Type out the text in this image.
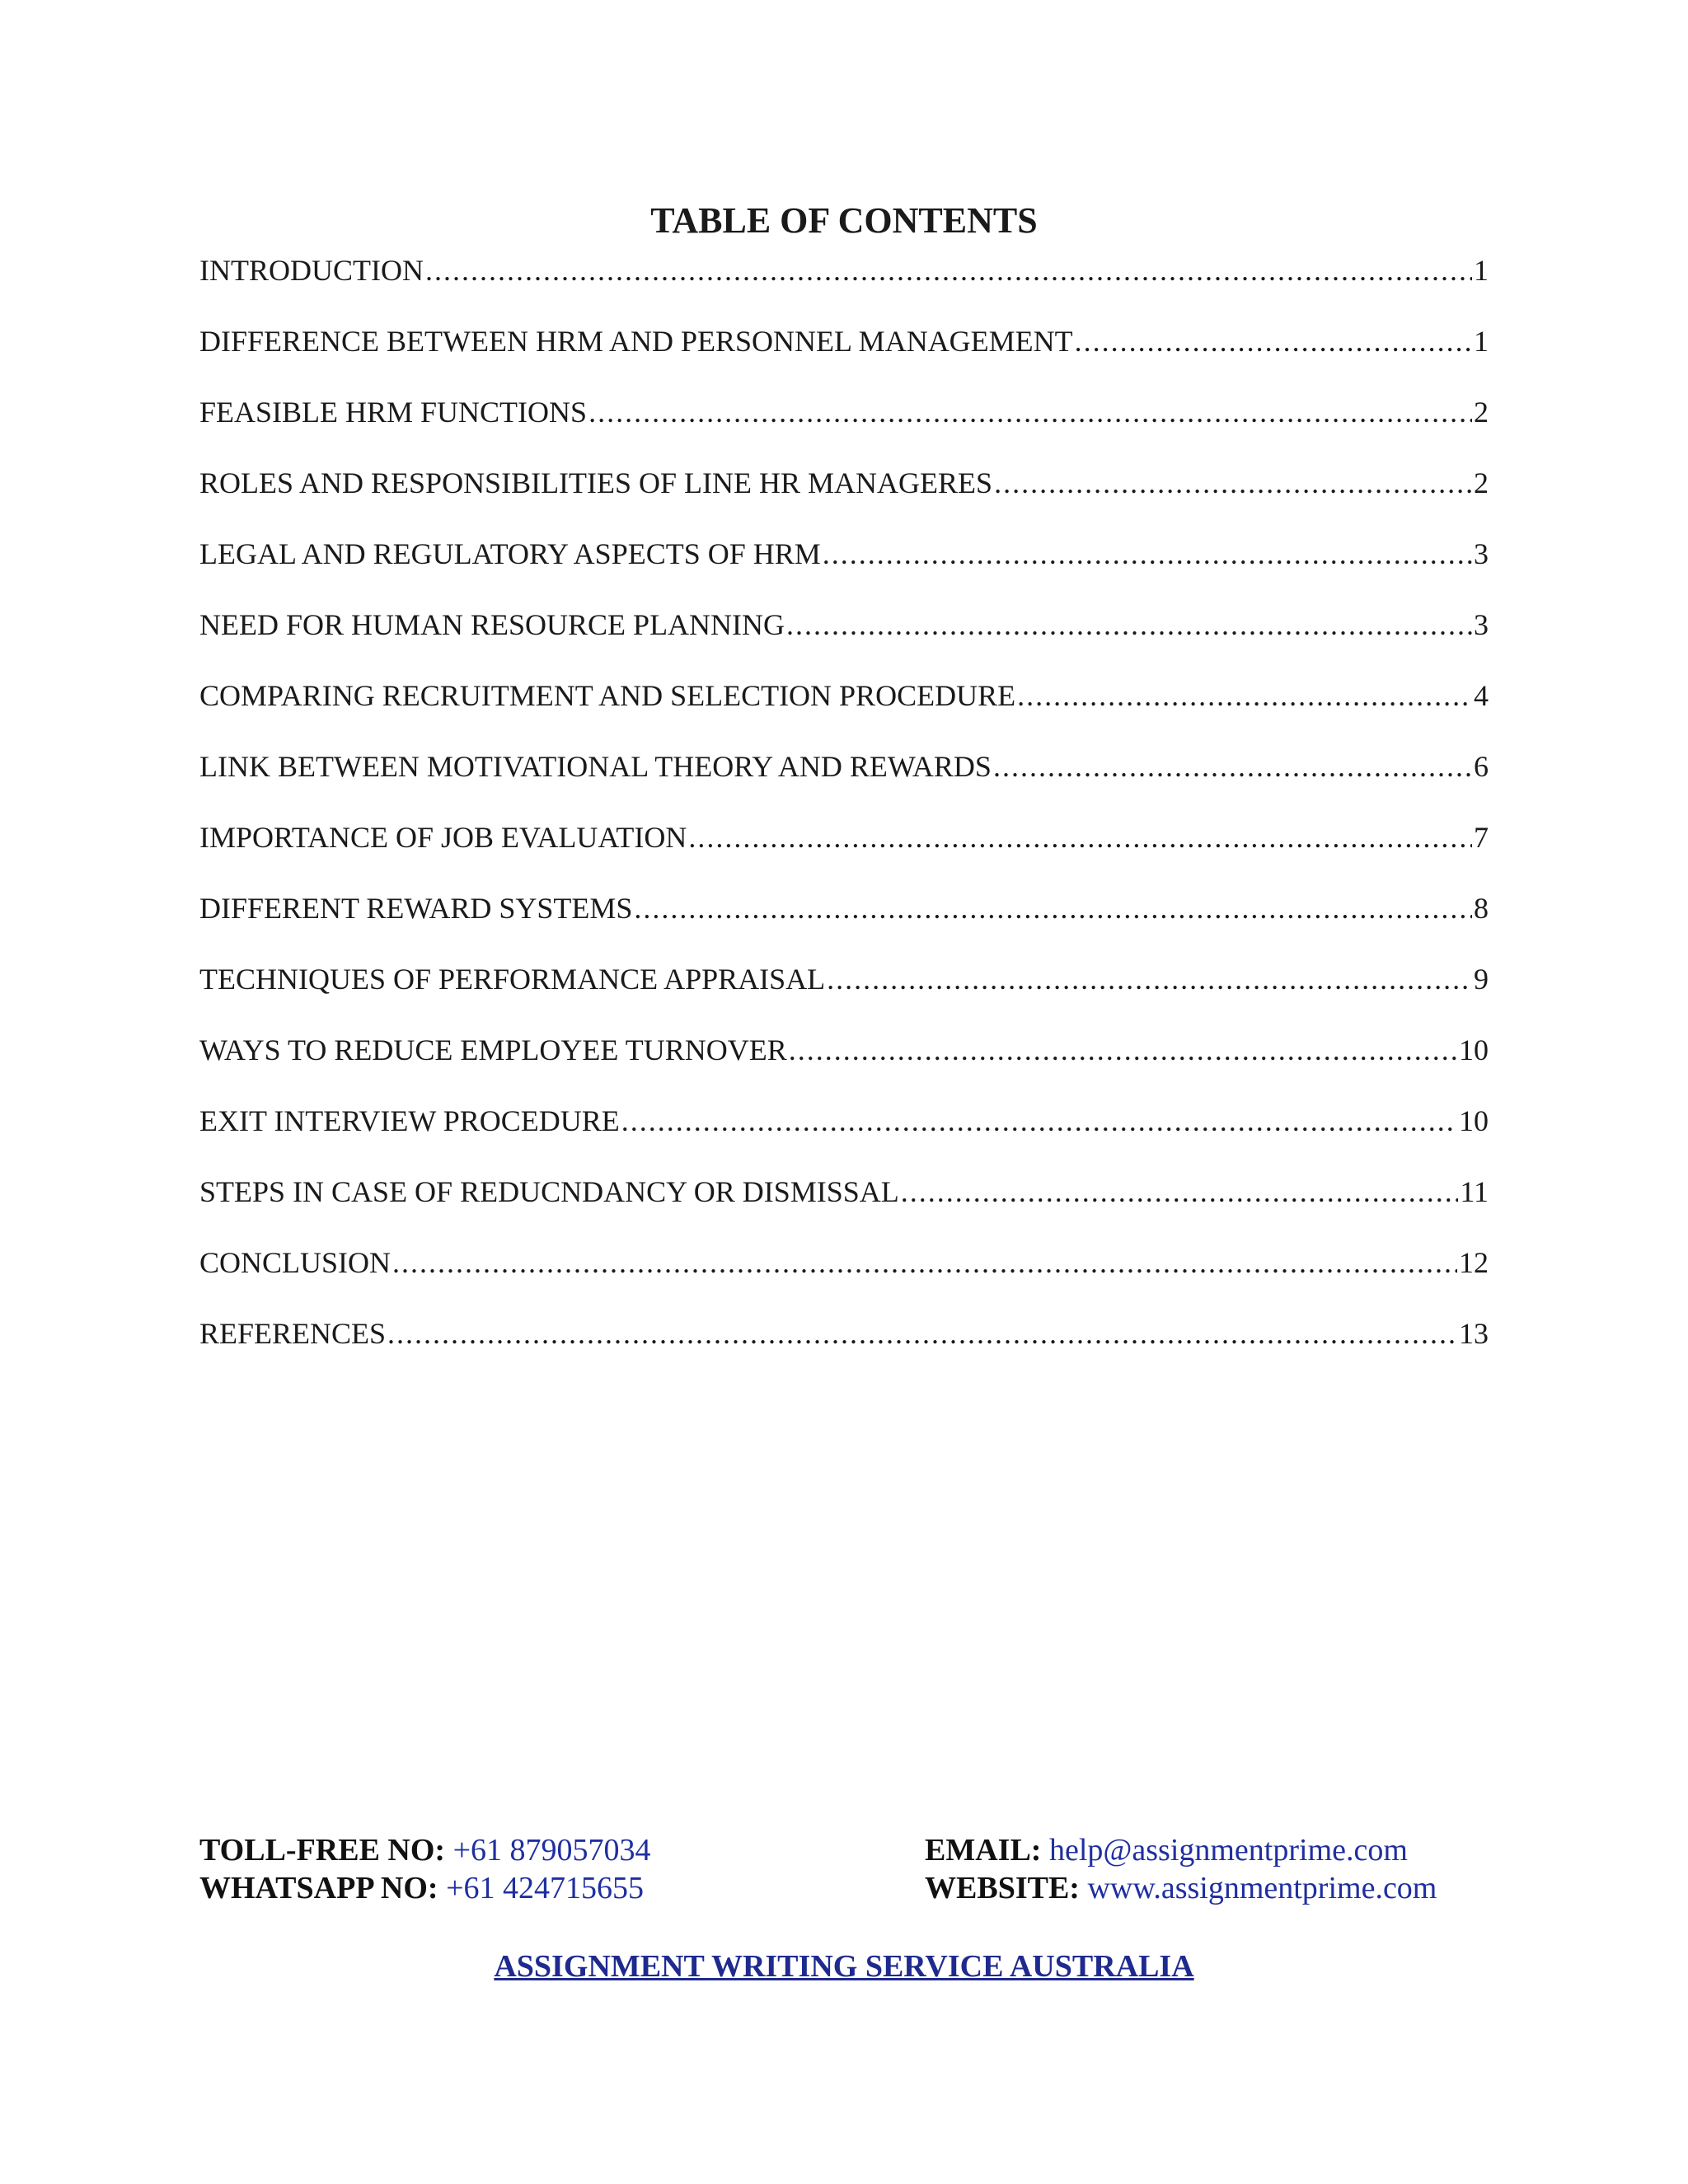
TABLE OF CONTENTS
INTRODUCTION .....	1
DIFFERENCE BETWEEN HRM AND PERSONNEL MANAGEMENT .....	1
FEASIBLE HRM FUNCTIONS .....	2
ROLES AND RESPONSIBILITIES OF LINE HR MANAGERES .....	2
LEGAL AND REGULATORY ASPECTS OF HRM .....	3
NEED FOR HUMAN RESOURCE PLANNING .....	3
COMPARING RECRUITMENT AND SELECTION PROCEDURE .....	4
LINK BETWEEN MOTIVATIONAL THEORY AND REWARDS .....	6
IMPORTANCE OF JOB EVALUATION .....	7
DIFFERENT REWARD SYSTEMS .....	8
TECHNIQUES OF PERFORMANCE APPRAISAL .....	9
WAYS TO REDUCE EMPLOYEE TURNOVER .....	10
EXIT INTERVIEW PROCEDURE .....	10
STEPS IN CASE OF REDUCNDANCY OR DISMISSAL .....	11
CONCLUSION .....	12
REFERENCES .....	13
TOLL-FREE NO: +61 879057034	EMAIL: help@assignmentprime.com
WHATSAPP NO: +61 424715655	WEBSITE: www.assignmentprime.com
ASSIGNMENT WRITING SERVICE AUSTRALIA
